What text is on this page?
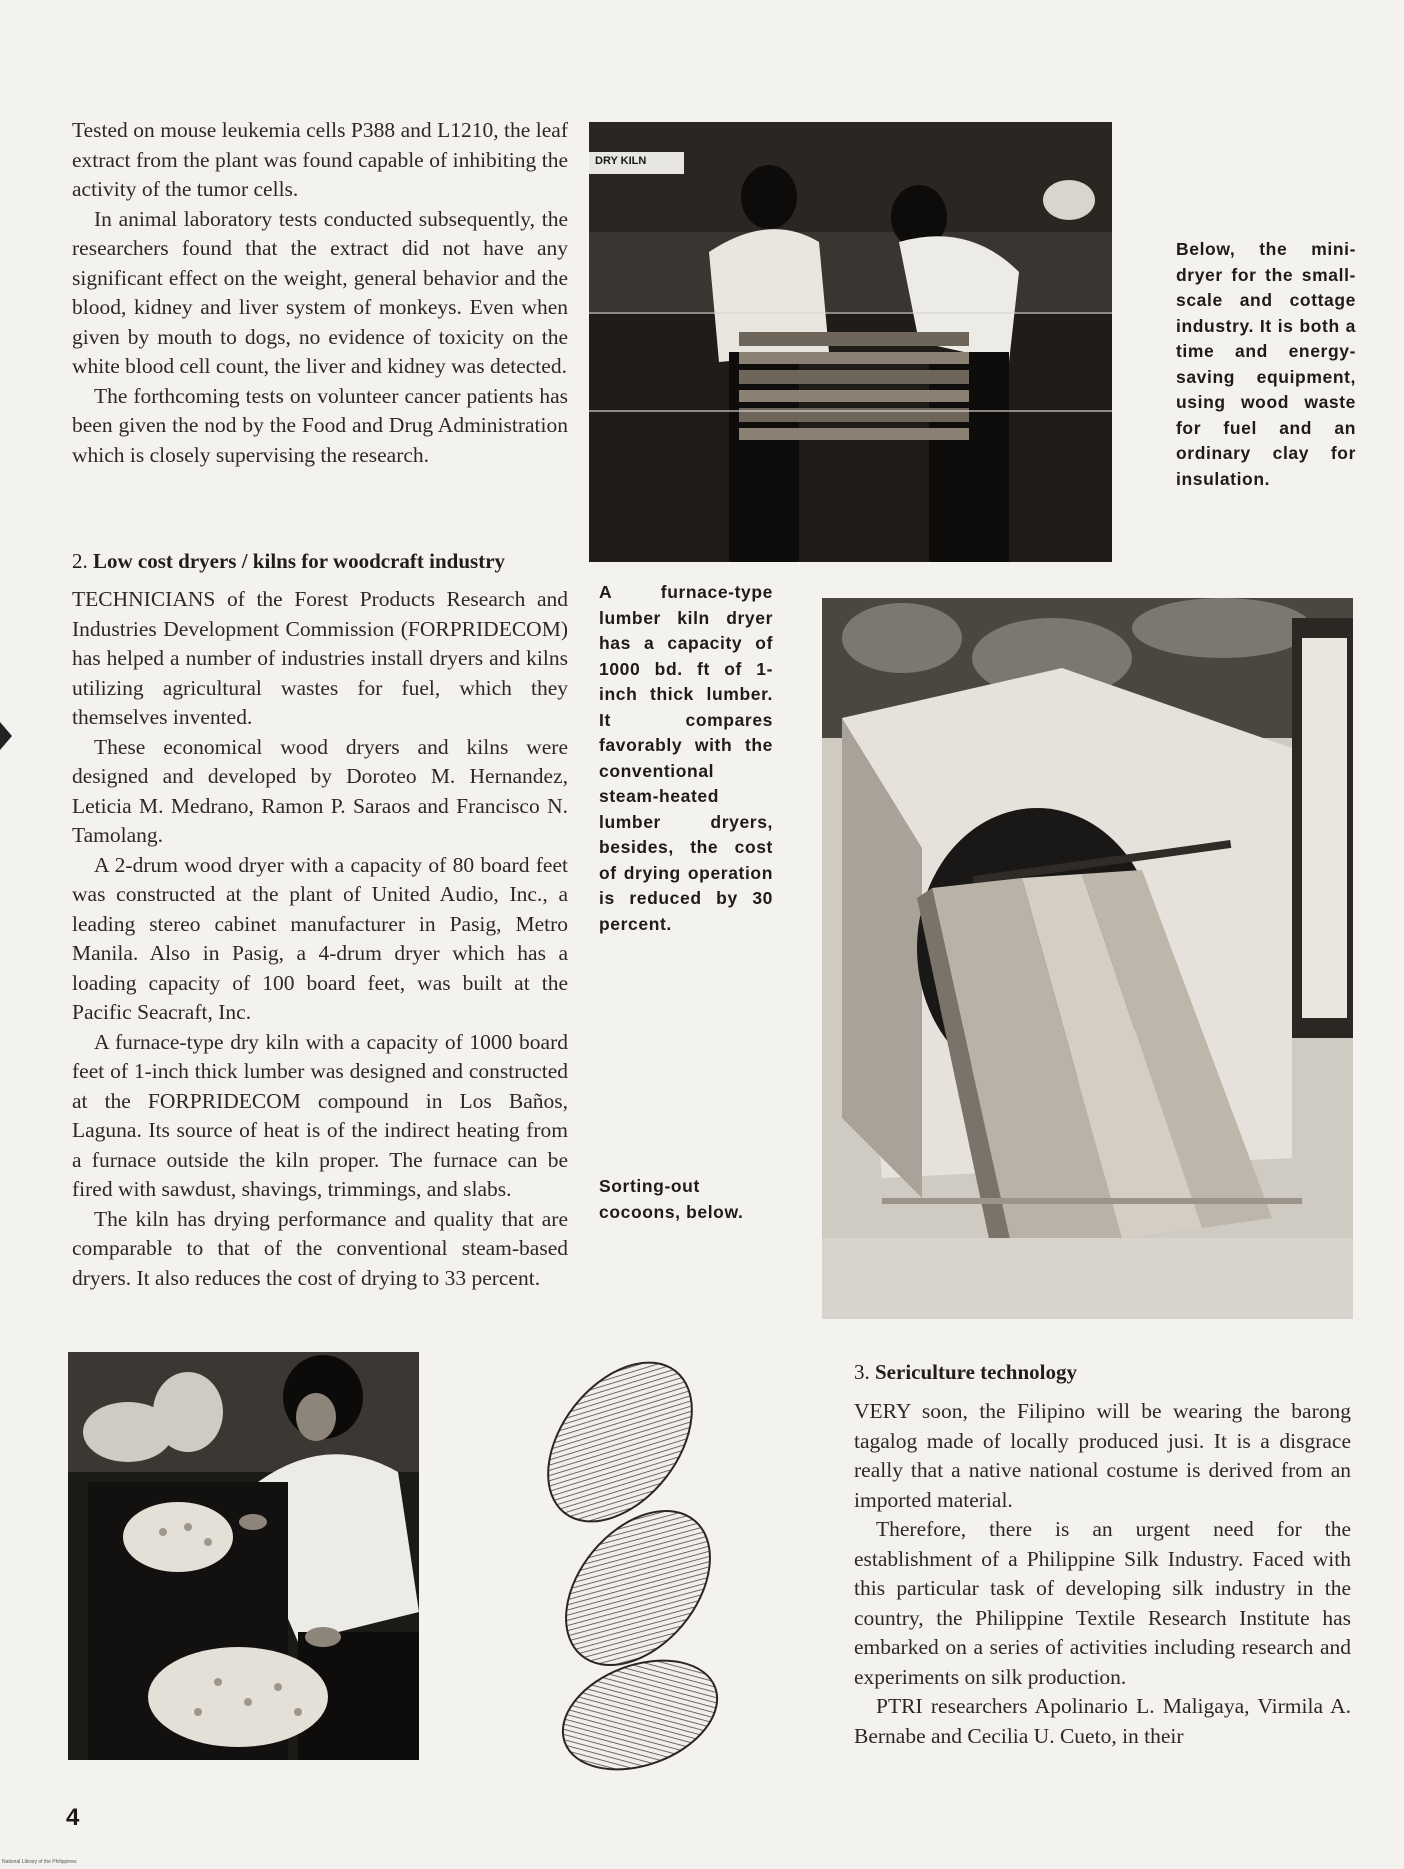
Tested on mouse leukemia cells P388 and L1210, the leaf extract from the plant was found capable of inhibiting the activity of the tumor cells.

In animal laboratory tests conducted subsequently, the researchers found that the extract did not have any significant effect on the weight, general behavior and the blood, kidney and liver system of monkeys. Even when given by mouth to dogs, no evidence of toxicity on the white blood cell count, the liver and kidney was detected.

The forthcoming tests on volunteer cancer patients has been given the nod by the Food and Drug Administration which is closely supervising the research.

2. Low cost dryers / kilns for woodcraft industry

TECHNICIANS of the Forest Products Research and Industries Development Commission (FORPRIDECOM) has helped a number of industries install dryers and kilns utilizing agricultural wastes for fuel, which they themselves invented.

These economical wood dryers and kilns were designed and developed by Doroteo M. Hernandez, Leticia M. Medrano, Ramon P. Saraos and Francisco N. Tamolang.

A 2-drum wood dryer with a capacity of 80 board feet was constructed at the plant of United Audio, Inc., a leading stereo cabinet manufacturer in Pasig, Metro Manila. Also in Pasig, a 4-drum dryer which has a loading capacity of 100 board feet, was built at the Pacific Seacraft, Inc.

A furnace-type dry kiln with a capacity of 1000 board feet of 1-inch thick lumber was designed and constructed at the FORPRIDECOM compound in Los Baños, Laguna. Its source of heat is of the indirect heating from a furnace outside the kiln proper. The furnace can be fired with sawdust, shavings, trimmings, and slabs.

The kiln has drying performance and quality that are comparable to that of the conventional steam-based dryers. It also reduces the cost of drying to 33 percent.

DRY KILN
Below, the mini-dryer for the small-scale and cottage industry. It is both a time and energy-saving equipment, using wood waste for fuel and an ordinary clay for insulation.
A furnace-type lumber kiln dryer has a capacity of 1000 bd. ft of 1-inch thick lumber. It compares favorably with the conventional steam-heated lumber dryers, besides, the cost of drying operation is reduced by 30 percent.
Sorting-out cocoons, below.
3. Sericulture technology

VERY soon, the Filipino will be wearing the barong tagalog made of locally produced jusi. It is a disgrace really that a native national costume is derived from an imported material.

Therefore, there is an urgent need for the establishment of a Philippine Silk Industry. Faced with this particular task of developing silk industry in the country, the Philippine Textile Research Institute has embarked on a series of activities including research and experiments on silk production.

PTRI researchers Apolinario L. Maligaya, Virmila A. Bernabe and Cecilia U. Cueto, in their

4
National Library of the Philippines
